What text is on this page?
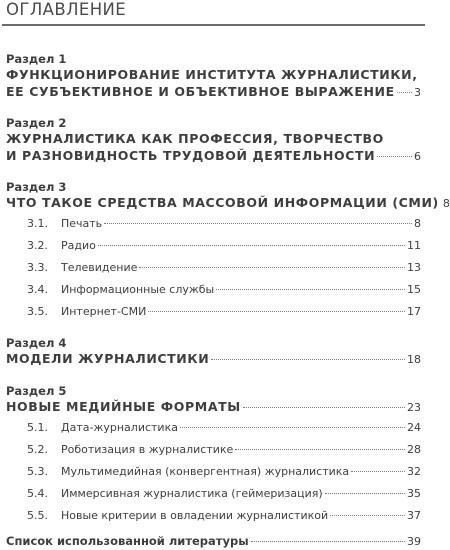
ОГЛАВЛЕНИЕ
Раздел 1
ФУНКЦИОНИРОВАНИЕ ИНСТИТУТА ЖУРНАЛИСТИКИ,
ЕЕ СУБЪЕКТИВНОЕ И ОБЪЕКТИВНОЕ ВЫРАЖЕНИЕ 3
Раздел 2
ЖУРНАЛИСТИКА КАК ПРОФЕССИЯ, ТВОРЧЕСТВО
И РАЗНОВИДНОСТЬ ТРУДОВОЙ ДЕЯТЕЛЬНОСТИ	6
Раздел 3
ЧТО ТАКОЕ СРЕДСТВА МАССОВОЙ ИНФОРМАЦИИ (СМИ) 8
3.1. Печать	8
3.2. Радио	11
3.3. Телевидение	13
3.4. Информационные службы	15
3.5. Интернет-СМИ	17
Раздел 4
МОДЕЛИ ЖУРНАЛИСТИКИ	18
Раздел 5
НОВЫЕ МЕДИЙНЫЕ ФОРМАТЫ	23
5.1. Дата-журналистика	24
5.2. Роботизация в журналистике	28
5.3. Мультимедийная (конвергентная) журналистика	32
5.4. Иммерсивная журналистика (геймеризация)	35
5.5. Новые критерии в овладении журналистикой	37
Список использованной литературы	39
